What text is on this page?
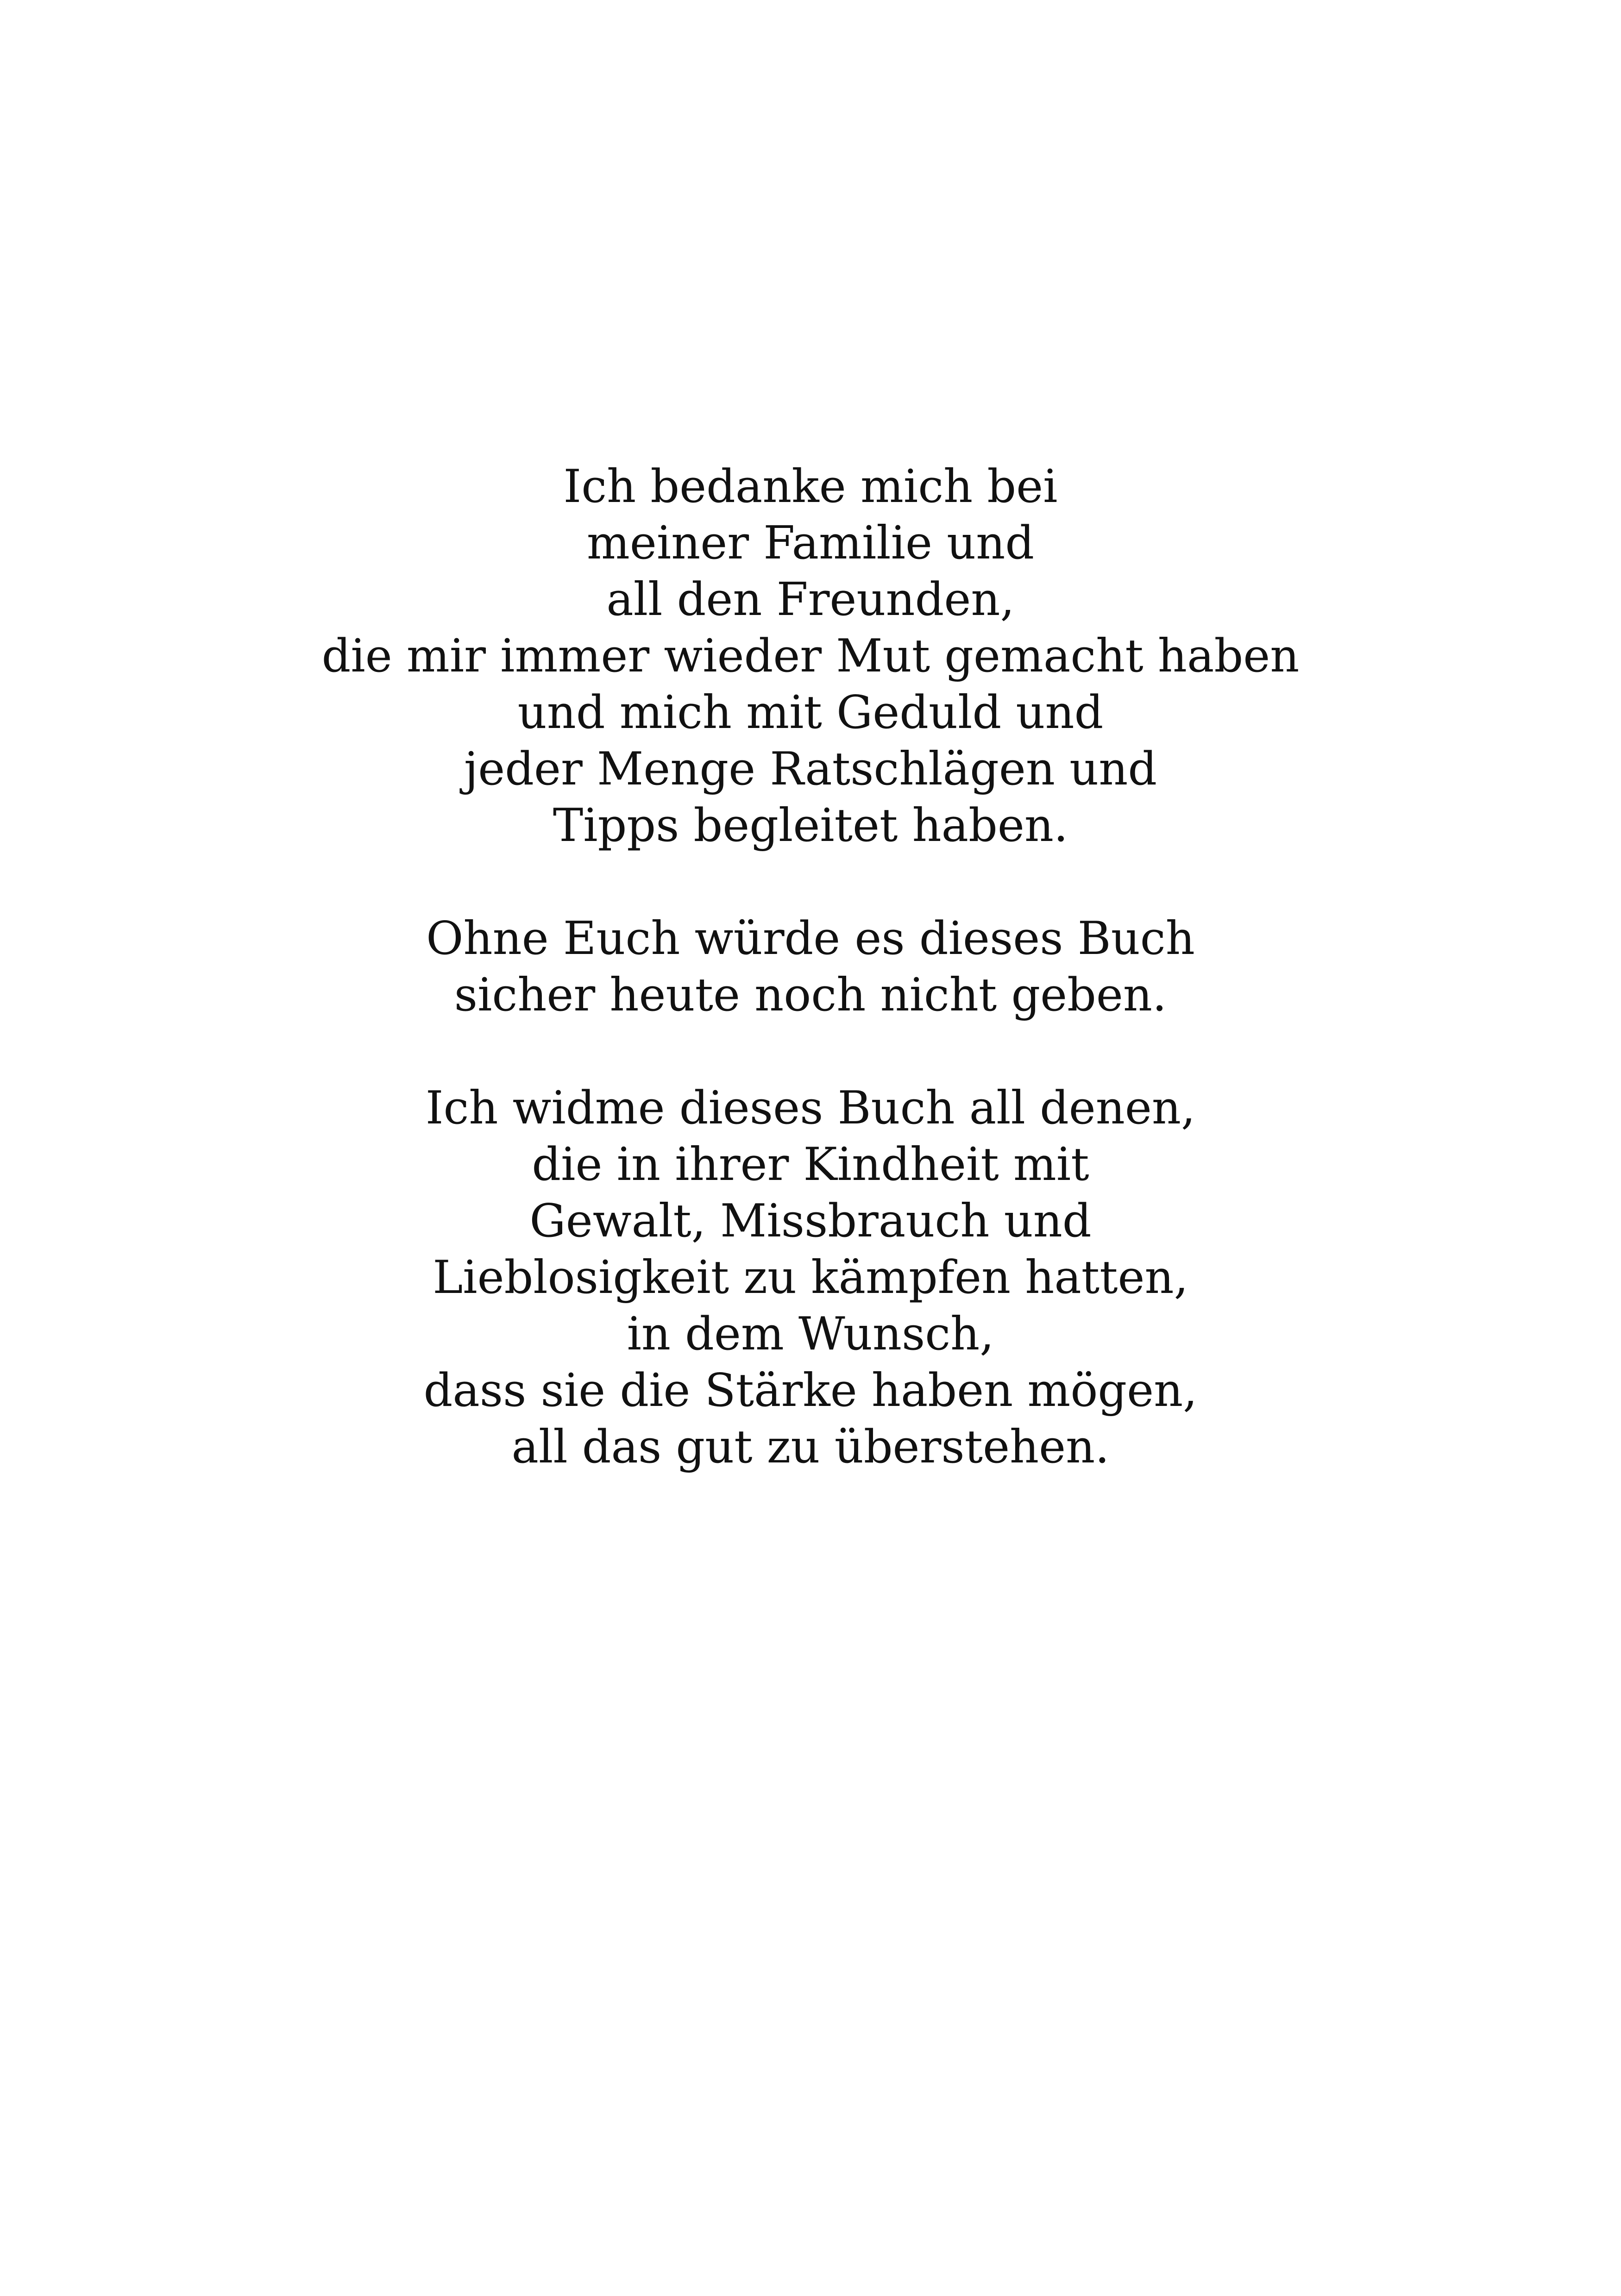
Ich bedanke mich bei
meiner Familie und
all den Freunden,
die mir immer wieder Mut gemacht haben
und mich mit Geduld und
jeder Menge Ratschlägen und
Tipps begleitet haben.

Ohne Euch würde es dieses Buch
sicher heute noch nicht geben.

Ich widme dieses Buch all denen,
die in ihrer Kindheit mit
Gewalt, Missbrauch und
Lieblosigkeit zu kämpfen hatten,
in dem Wunsch,
dass sie die Stärke haben mögen,
all das gut zu überstehen.
